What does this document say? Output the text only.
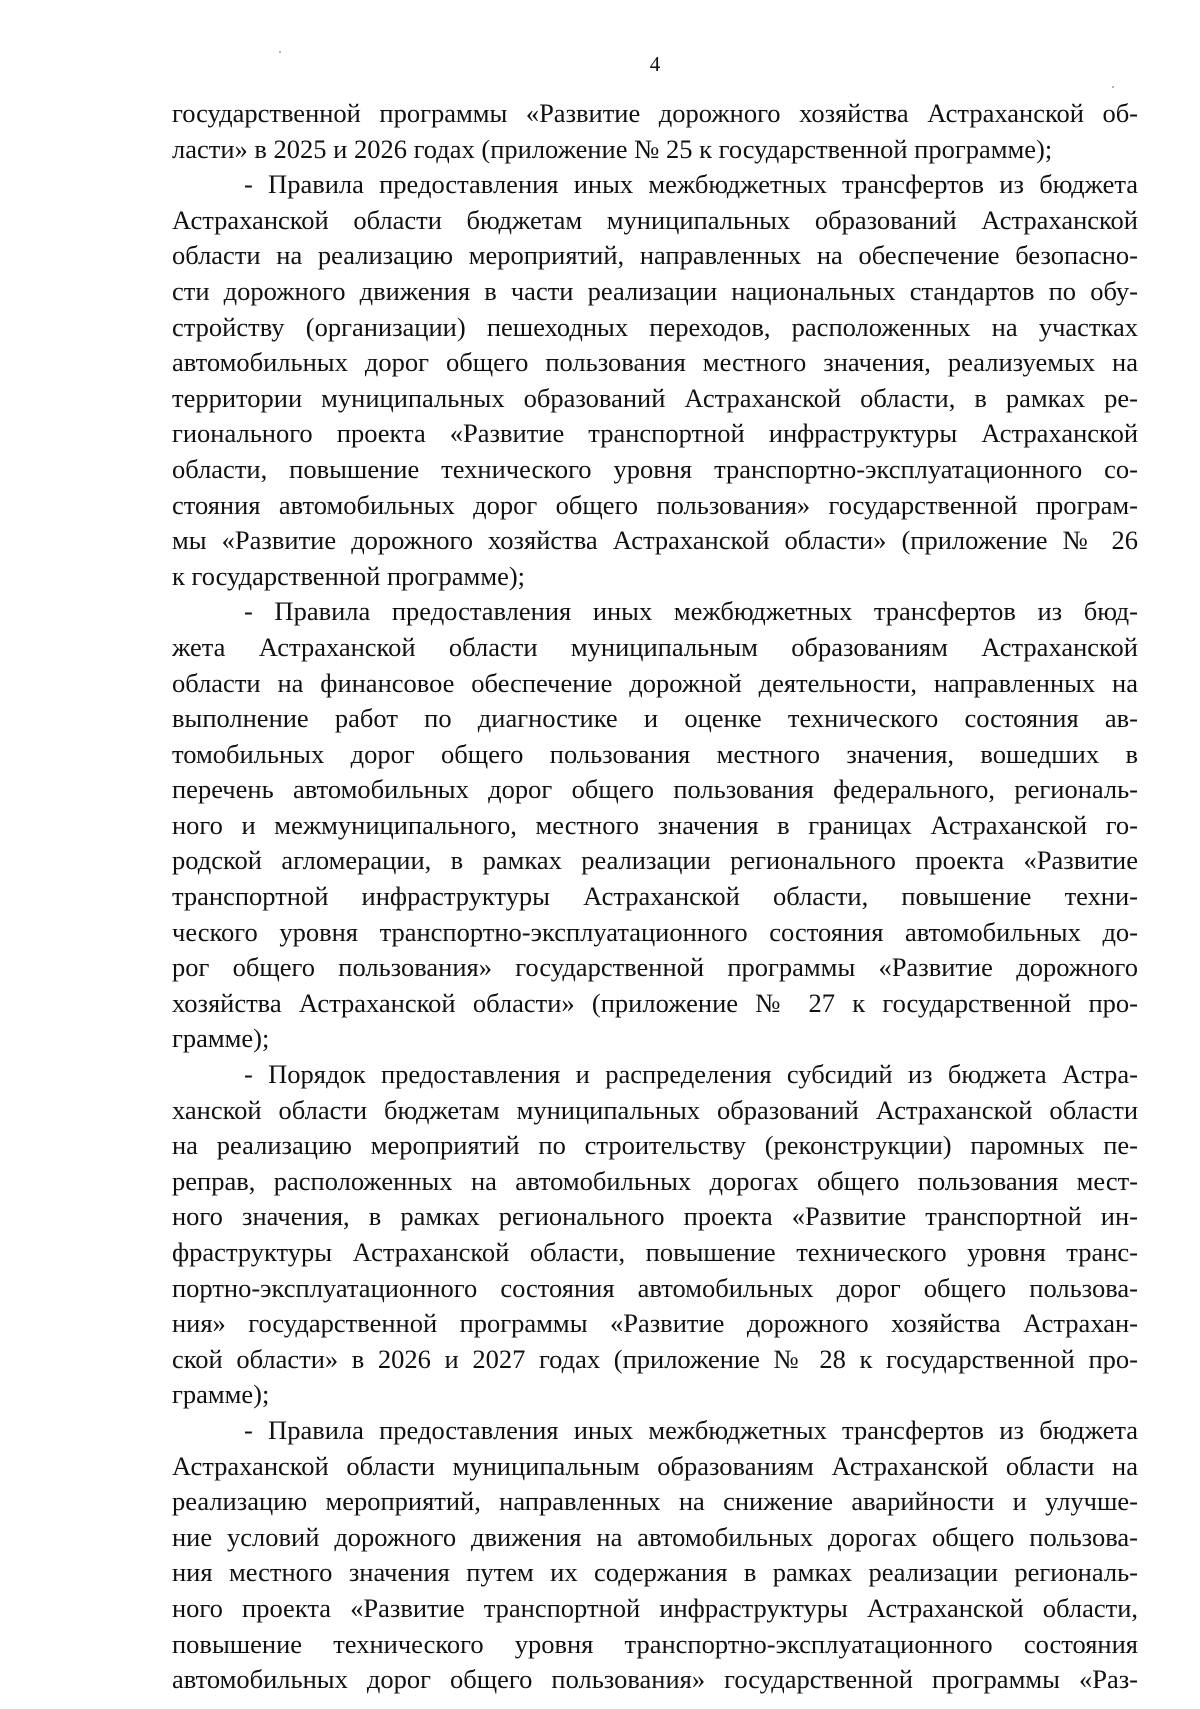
4
государственной программы «Развитие дорожного хозяйства Астраханской об-
ласти» в 2025 и 2026 годах (приложение № 25 к государственной программе);
- Правила предоставления иных межбюджетных трансфертов из бюджета
Астраханской области бюджетам муниципальных образований Астраханской
области на реализацию мероприятий, направленных на обеспечение безопасно-
сти дорожного движения в части реализации национальных стандартов по обу-
стройству (организации) пешеходных переходов, расположенных на участках
автомобильных дорог общего пользования местного значения, реализуемых на
территории муниципальных образований Астраханской области, в рамках ре-
гионального проекта «Развитие транспортной инфраструктуры Астраханской
области, повышение технического уровня транспортно-эксплуатационного со-
стояния автомобильных дорог общего пользования» государственной програм-
мы «Развитие дорожного хозяйства Астраханской области» (приложение № 26
к государственной программе);
- Правила предоставления иных межбюджетных трансфертов из бюд-
жета Астраханской области муниципальным образованиям Астраханской
области на финансовое обеспечение дорожной деятельности, направленных на
выполнение работ по диагностике и оценке технического состояния ав-
томобильных дорог общего пользования местного значения, вошедших в
перечень автомобильных дорог общего пользования федерального, региональ-
ного и межмуниципального, местного значения в границах Астраханской го-
родской агломерации, в рамках реализации регионального проекта «Развитие
транспортной инфраструктуры Астраханской области, повышение техни-
ческого уровня транспортно-эксплуатационного состояния автомобильных до-
рог общего пользования» государственной программы «Развитие дорожного
хозяйства Астраханской области» (приложение № 27 к государственной про-
грамме);
- Порядок предоставления и распределения субсидий из бюджета Астра-
ханской области бюджетам муниципальных образований Астраханской области
на реализацию мероприятий по строительству (реконструкции) паромных пе-
реправ, расположенных на автомобильных дорогах общего пользования мест-
ного значения, в рамках регионального проекта «Развитие транспортной ин-
фраструктуры Астраханской области, повышение технического уровня транс-
портно-эксплуатационного состояния автомобильных дорог общего пользова-
ния» государственной программы «Развитие дорожного хозяйства Астрахан-
ской области» в 2026 и 2027 годах (приложение № 28 к государственной про-
грамме);
- Правила предоставления иных межбюджетных трансфертов из бюджета
Астраханской области муниципальным образованиям Астраханской области на
реализацию мероприятий, направленных на снижение аварийности и улучше-
ние условий дорожного движения на автомобильных дорогах общего пользова-
ния местного значения путем их содержания в рамках реализации региональ-
ного проекта «Развитие транспортной инфраструктуры Астраханской области,
повышение технического уровня транспортно-эксплуатационного состояния
автомобильных дорог общего пользования» государственной программы «Раз-
